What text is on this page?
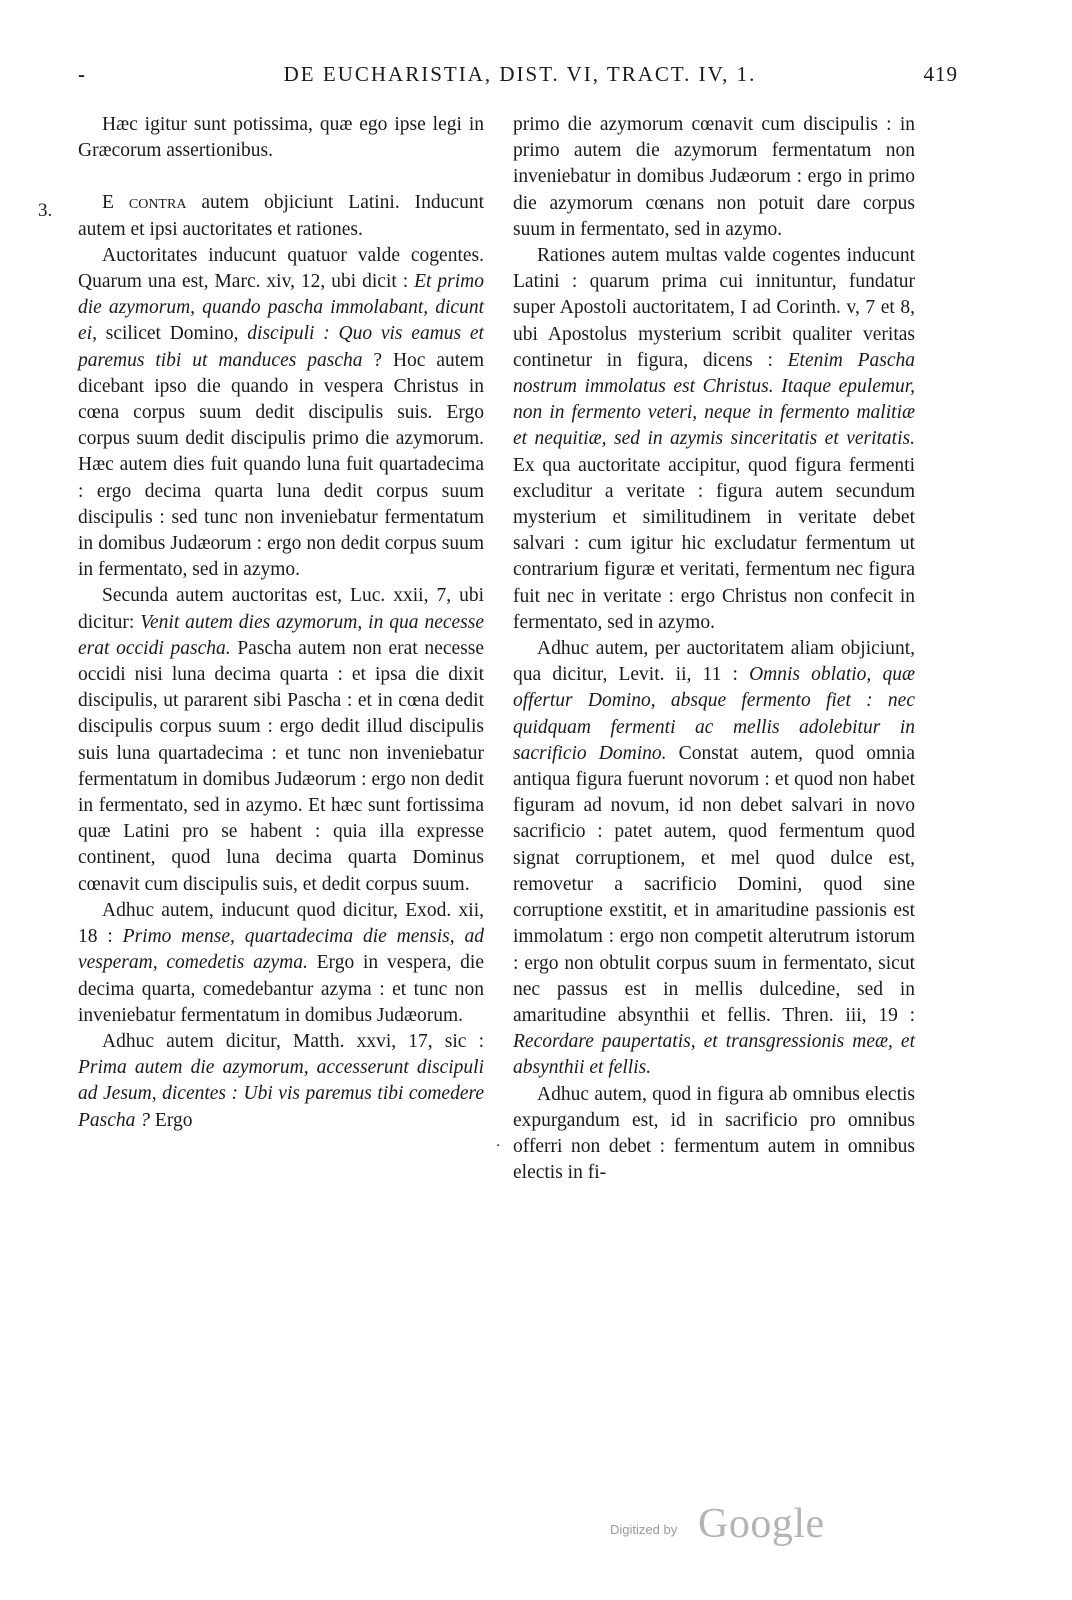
-	DE EUCHARISTIA, DIST. VI, TRACT. IV, 1.	419
3.
·

Hæc igitur sunt potissima, quæ ego ipse legi in Græcorum assertionibus.

E contra autem objiciunt Latini. Inducunt autem et ipsi auctoritates et rationes.

Auctoritates inducunt quatuor valde cogentes. Quarum una est, Marc. xiv, 12, ubi dicit : Et primo die azymorum, quando pascha immolabant, dicunt ei, scilicet Domino, discipuli : Quo vis eamus et paremus tibi ut manduces pascha ? Hoc autem dicebant ipso die quando in vespera Christus in cœna corpus suum dedit discipulis suis. Ergo corpus suum dedit discipulis primo die azymorum. Hæc autem dies fuit quando luna fuit quartadecima : ergo decima quarta luna dedit corpus suum discipulis : sed tunc non inveniebatur fermentatum in domibus Judæorum : ergo non dedit corpus suum in fermentato, sed in azymo.

Secunda autem auctoritas est, Luc. xxii, 7, ubi dicitur: Venit autem dies azymorum, in qua necesse erat occidi pascha. Pascha autem non erat necesse occidi nisi luna decima quarta : et ipsa die dixit discipulis, ut pararent sibi Pascha : et in cœna dedit discipulis corpus suum : ergo dedit illud discipulis suis luna quartadecima : et tunc non inveniebatur fermentatum in domibus Judæorum : ergo non dedit in fermentato, sed in azymo. Et hæc sunt fortissima quæ Latini pro se habent : quia illa expresse continent, quod luna decima quarta Dominus cœnavit cum discipulis suis, et dedit corpus suum.

Adhuc autem, inducunt quod dicitur, Exod. xii, 18 : Primo mense, quartadecima die mensis, ad vesperam, comedetis azyma. Ergo in vespera, die decima quarta, comedebantur azyma : et tunc non inveniebatur fermentatum in domibus Judæorum.

Adhuc autem dicitur, Matth. xxvi, 17, sic : Prima autem die azymorum, accesserunt discipuli ad Jesum, dicentes : Ubi vis paremus tibi comedere Pascha ? Ergo

primo die azymorum cœnavit cum discipulis : in primo autem die azymorum fermentatum non inveniebatur in domibus Judæorum : ergo in primo die azymorum cœnans non potuit dare corpus suum in fermentato, sed in azymo.

Rationes autem multas valde cogentes inducunt Latini : quarum prima cui innituntur, fundatur super Apostoli auctoritatem, I ad Corinth. v, 7 et 8, ubi Apostolus mysterium scribit qualiter veritas continetur in figura, dicens : Etenim Pascha nostrum immolatus est Christus. Itaque epulemur, non in fermento veteri, neque in fermento malitiæ et nequitiæ, sed in azymis sinceritatis et veritatis. Ex qua auctoritate accipitur, quod figura fermenti excluditur a veritate : figura autem secundum mysterium et similitudinem in veritate debet salvari : cum igitur hic excludatur fermentum ut contrarium figuræ et veritati, fermentum nec figura fuit nec in veritate : ergo Christus non confecit in fermentato, sed in azymo.

Adhuc autem, per auctoritatem aliam objiciunt, qua dicitur, Levit. ii, 11 : Omnis oblatio, quæ offertur Domino, absque fermento fiet : nec quidquam fermenti ac mellis adolebitur in sacrificio Domino. Constat autem, quod omnia antiqua figura fuerunt novorum : et quod non habet figuram ad novum, id non debet salvari in novo sacrificio : patet autem, quod fermentum quod signat corruptionem, et mel quod dulce est, removetur a sacrificio Domini, quod sine corruptione exstitit, et in amaritudine passionis est immolatum : ergo non competit alterutrum istorum : ergo non obtulit corpus suum in fermentato, sicut nec passus est in mellis dulcedine, sed in amaritudine absynthii et fellis. Thren. iii, 19 : Recordare paupertatis, et transgressionis meæ, et absynthii et fellis.

Adhuc autem, quod in figura ab omnibus electis expurgandum est, id in sacrificio pro omnibus offerri non debet : fermentum autem in omnibus electis in fi-

Digitized by Google
